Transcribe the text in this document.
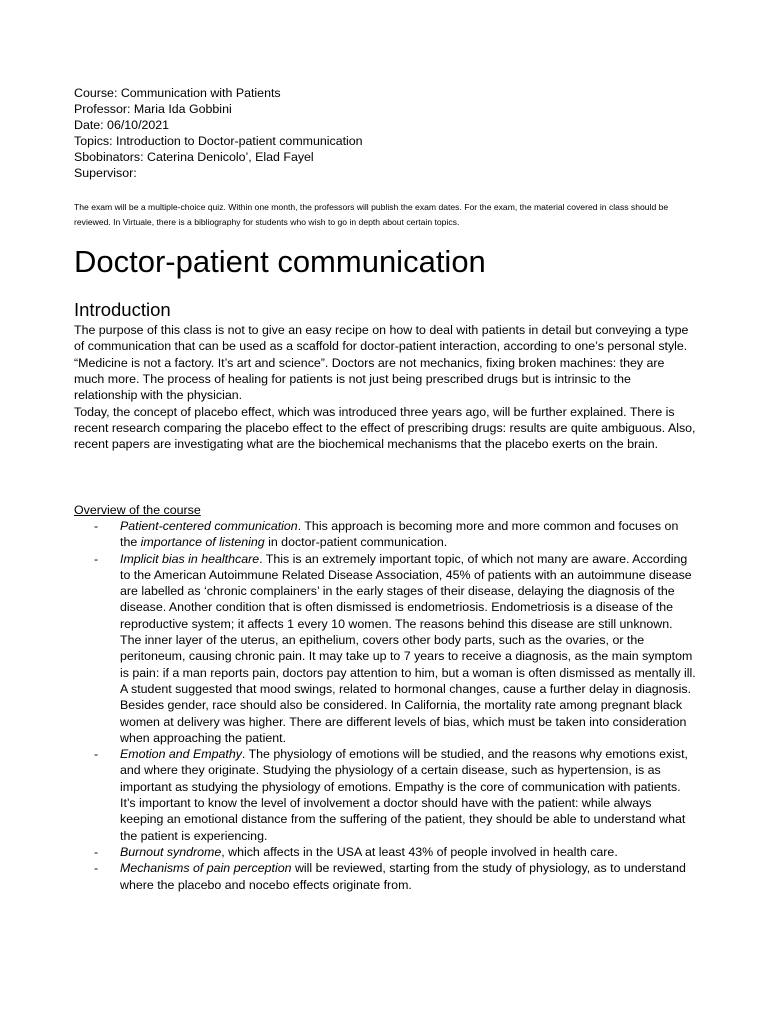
Course: Communication with Patients
Professor: Maria Ida Gobbini
Date: 06/10/2021
Topics: Introduction to Doctor-patient communication
Sbobinators: Caterina Denicolo’, Elad Fayel
Supervisor:
The exam will be a multiple-choice quiz. Within one month, the professors will publish the exam dates. For the exam, the material covered in class should be reviewed. In Virtuale, there is a bibliography for students who wish to go in depth about certain topics.
Doctor-patient communication
Introduction

The purpose of this class is not to give an easy recipe on how to deal with patients in detail but conveying a type of communication that can be used as a scaffold for doctor-patient interaction, according to one’s personal style.

“Medicine is not a factory. It’s art and science”. Doctors are not mechanics, fixing broken machines: they are much more. The process of healing for patients is not just being prescribed drugs but is intrinsic to the relationship with the physician.

Today, the concept of placebo effect, which was introduced three years ago, will be further explained. There is recent research comparing the placebo effect to the effect of prescribing drugs: results are quite ambiguous. Also, recent papers are investigating what are the biochemical mechanisms that the placebo exerts on the brain.

Overview of the course
- Patient-centered communication. This approach is becoming more and more common and focuses on the importance of listening in doctor-patient communication.
- Implicit bias in healthcare. This is an extremely important topic, of which not many are aware. According to the American Autoimmune Related Disease Association, 45% of patients with an autoimmune disease are labelled as ‘chronic complainers’ in the early stages of their disease, delaying the diagnosis of the disease. Another condition that is often dismissed is endometriosis. Endometriosis is a disease of the reproductive system; it affects 1 every 10 women. The reasons behind this disease are still unknown. The inner layer of the uterus, an epithelium, covers other body parts, such as the ovaries, or the peritoneum, causing chronic pain. It may take up to 7 years to receive a diagnosis, as the main symptom is pain: if a man reports pain, doctors pay attention to him, but a woman is often dismissed as mentally ill. A student suggested that mood swings, related to hormonal changes, cause a further delay in diagnosis. Besides gender, race should also be considered. In California, the mortality rate among pregnant black women at delivery was higher. There are different levels of bias, which must be taken into consideration when approaching the patient.
- Emotion and Empathy. The physiology of emotions will be studied, and the reasons why emotions exist, and where they originate. Studying the physiology of a certain disease, such as hypertension, is as important as studying the physiology of emotions. Empathy is the core of communication with patients. It’s important to know the level of involvement a doctor should have with the patient: while always keeping an emotional distance from the suffering of the patient, they should be able to understand what the patient is experiencing.
- Burnout syndrome, which affects in the USA at least 43% of people involved in health care.
- Mechanisms of pain perception will be reviewed, starting from the study of physiology, as to understand where the placebo and nocebo effects originate from.
